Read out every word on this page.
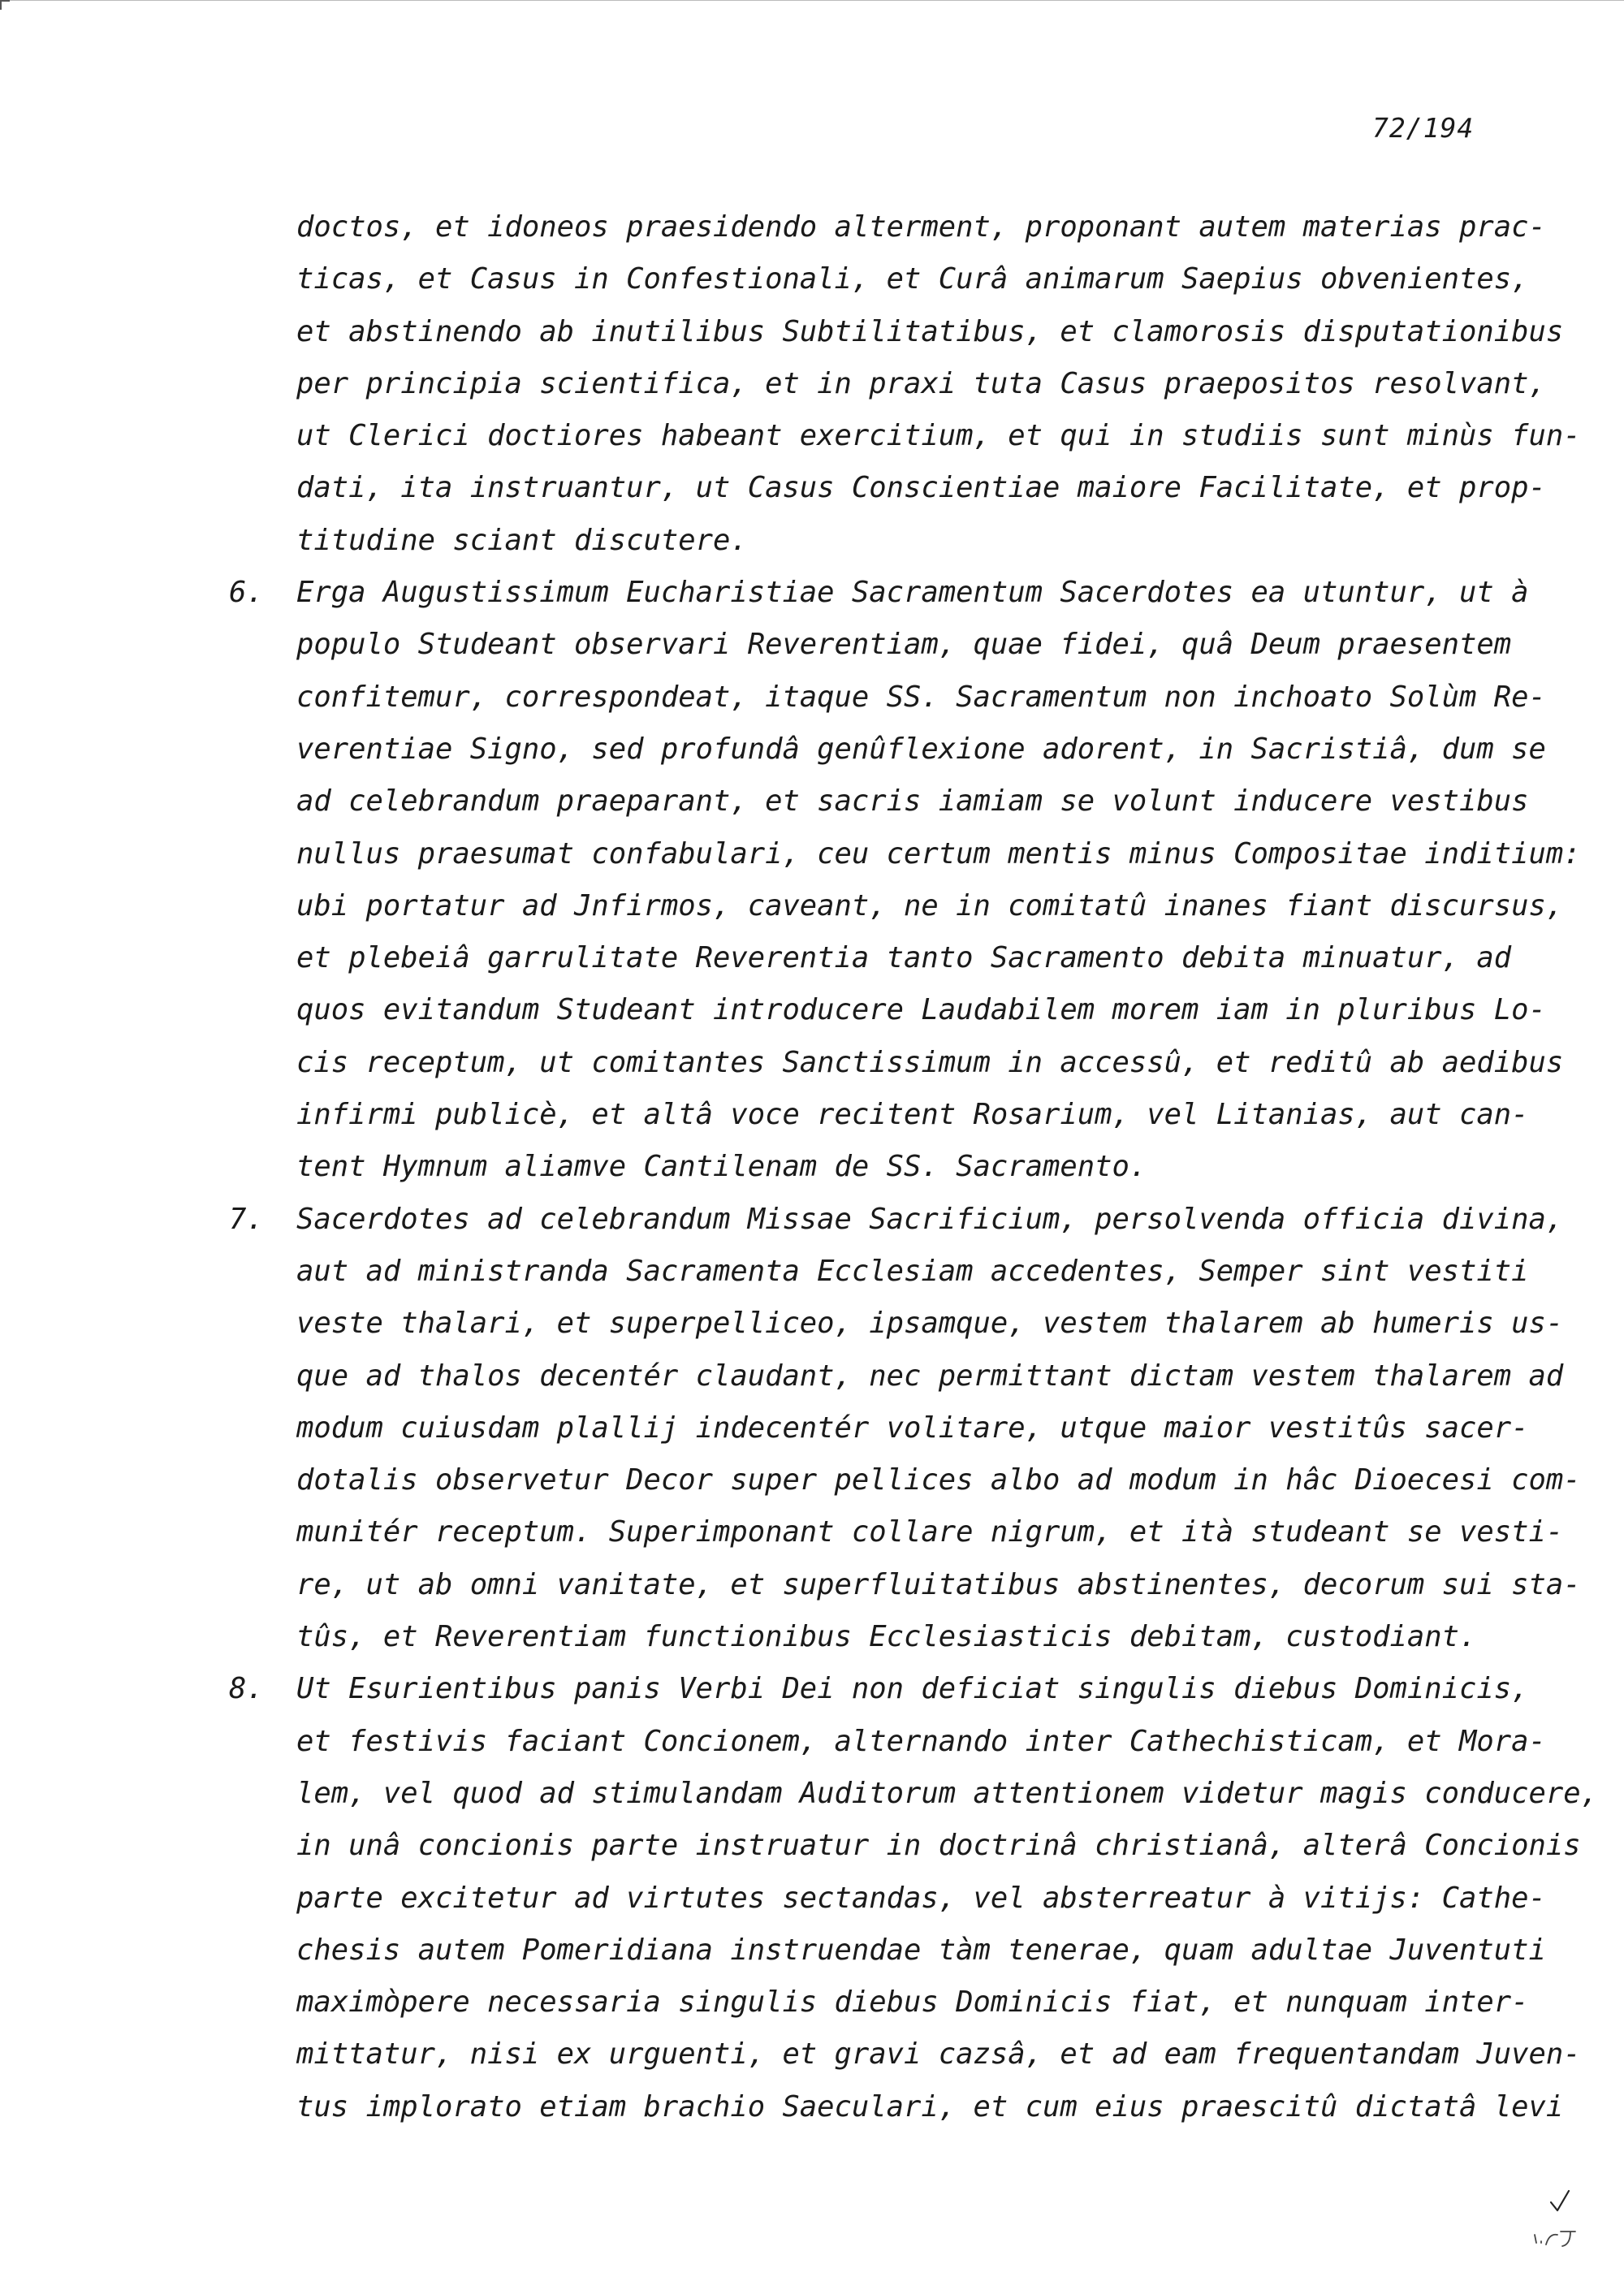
72/194
doctos, et idoneos praesidendo alterment, proponant autem materias prac-
ticas, et Casus in Confestionali, et Curâ animarum Saepius obvenientes,
et abstinendo ab inutilibus Subtilitatibus, et clamorosis disputationibus
per principia scientifica, et in praxi tuta Casus praepositos resolvant,
ut Clerici doctiores habeant exercitium, et qui in studiis sunt minùs fun-
dati, ita instruantur, ut Casus Conscientiae maiore Facilitate, et prop-
titudine sciant discutere.
6. Erga Augustissimum Eucharistiae Sacramentum Sacerdotes ea utuntur, ut à
populo Studeant observari Reverentiam, quae fidei, quâ Deum praesentem
confitemur, correspondeat, itaque SS. Sacramentum non inchoato Solùm Re-
verentiae Signo, sed profundâ genûflexione adorent, in Sacristiâ, dum se
ad celebrandum praeparant, et sacris iamiam se volunt inducere vestibus
nullus praesumat confabulari, ceu certum mentis minus Compositae inditium:
ubi portatur ad Jnfirmos, caveant, ne in comitatû inanes fiant discursus,
et plebeiâ garrulitate Reverentia tanto Sacramento debita minuatur, ad
quos evitandum Studeant introducere Laudabilem morem iam in pluribus Lo-
cis receptum, ut comitantes Sanctissimum in accessû, et reditû ab aedibus
infirmi publicè, et altâ voce recitent Rosarium, vel Litanias, aut can-
tent Hymnum aliamve Cantilenam de SS. Sacramento.
7. Sacerdotes ad celebrandum Missae Sacrificium, persolvenda officia divina,
aut ad ministranda Sacramenta Ecclesiam accedentes, Semper sint vestiti
veste thalari, et superpelliceo, ipsamque, vestem thalarem ab humeris us-
que ad thalos decentér claudant, nec permittant dictam vestem thalarem ad
modum cuiusdam plallij indecentér volitare, utque maior vestitûs sacer-
dotalis observetur Decor super pellices albo ad modum in hâc Dioecesi com-
munitér receptum. Superimponant collare nigrum, et ità studeant se vesti-
re, ut ab omni vanitate, et superfluitatibus abstinentes, decorum sui sta-
tûs, et Reverentiam functionibus Ecclesiasticis debitam, custodiant.
8. Ut Esurientibus panis Verbi Dei non deficiat singulis diebus Dominicis,
et festivis faciant Concionem, alternando inter Cathechisticam, et Mora-
lem, vel quod ad stimulandam Auditorum attentionem videtur magis conducere,
in unâ concionis parte instruatur in doctrinâ christianâ, alterâ Concionis
parte excitetur ad virtutes sectandas, vel absterreatur à vitijs: Cathe-
chesis autem Pomeridiana instruendae tàm tenerae, quam adultae Juventuti
maximòpere necessaria singulis diebus Dominicis fiat, et nunquam inter-
mittatur, nisi ex urguenti, et gravi cazsâ, et ad eam frequentandam Juven-
tus implorato etiam brachio Saeculari, et cum eius praescitû dictatâ levi
